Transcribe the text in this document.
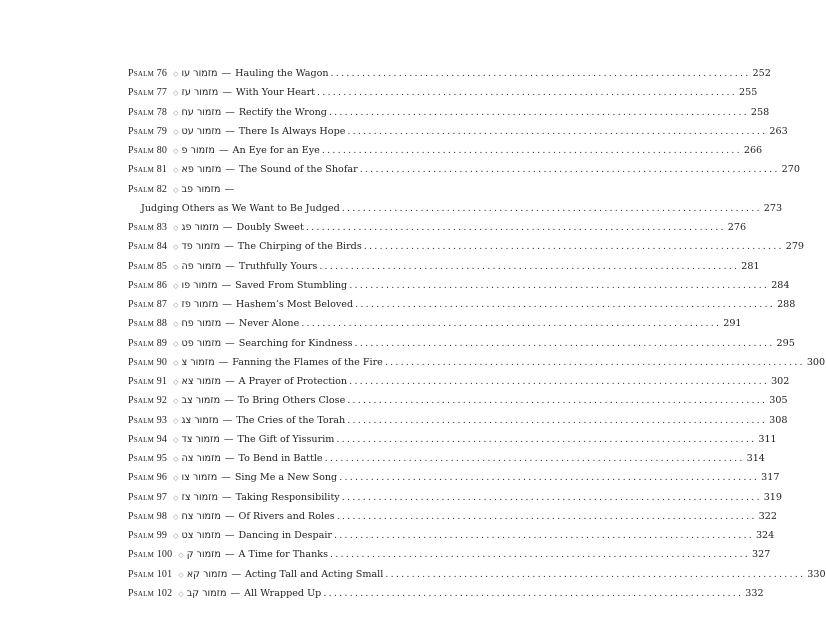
Psalm 76 ◇ מזמור עו — Hauling the Wagon ................................................................................ 252
Psalm 77 ◇ מזמור עז — With Your Heart ................................................................................ 255
Psalm 78 ◇ מזמור עח — Rectify the Wrong ................................................................................ 258
Psalm 79 ◇ מזמור עט — There Is Always Hope ................................................................................ 263
Psalm 80 ◇ מזמור פ — An Eye for an Eye ................................................................................ 266
Psalm 81 ◇ מזמור פא — The Sound of the Shofar ................................................................................ 270
Psalm 82 ◇ מזמור פב —
Judging Others as We Want to Be Judged ................................................................................ 273
Psalm 83 ◇ מזמור פג — Doubly Sweet ................................................................................ 276
Psalm 84 ◇ מזמור פד — The Chirping of the Birds ................................................................................ 279
Psalm 85 ◇ מזמור פה — Truthfully Yours ................................................................................ 281
Psalm 86 ◇ מזמור פו — Saved From Stumbling ................................................................................ 284
Psalm 87 ◇ מזמור פז — Hashem’s Most Beloved ................................................................................ 288
Psalm 88 ◇ מזמור פח — Never Alone ................................................................................ 291
Psalm 89 ◇ מזמור פט — Searching for Kindness ................................................................................ 295
Psalm 90 ◇ מזמור צ — Fanning the Flames of the Fire ................................................................................ 300
Psalm 91 ◇ מזמור צא — A Prayer of Protection ................................................................................ 302
Psalm 92 ◇ מזמור צב — To Bring Others Close ................................................................................ 305
Psalm 93 ◇ מזמור צג — The Cries of the Torah ................................................................................ 308
Psalm 94 ◇ מזמור צד — The Gift of Yissurim ................................................................................ 311
Psalm 95 ◇ מזמור צה — To Bend in Battle ................................................................................ 314
Psalm 96 ◇ מזמור צו — Sing Me a New Song ................................................................................ 317
Psalm 97 ◇ מזמור צז — Taking Responsibility ................................................................................ 319
Psalm 98 ◇ מזמור צח — Of Rivers and Roles ................................................................................ 322
Psalm 99 ◇ מזמור צט — Dancing in Despair ................................................................................ 324
Psalm 100 ◇ מזמור ק — A Time for Thanks ................................................................................ 327
Psalm 101 ◇ מזמור קא — Acting Tall and Acting Small ................................................................................ 330
Psalm 102 ◇ מזמור קב — All Wrapped Up ................................................................................ 332
